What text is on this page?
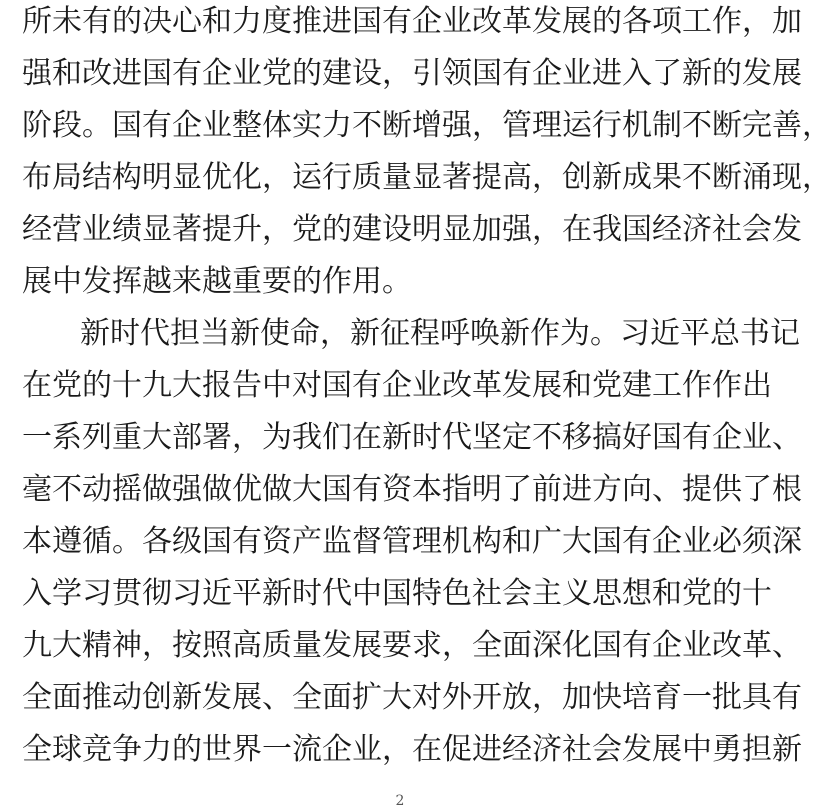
所未有的决心和力度推进国有企业改革发展的各项工作，加
强和改进国有企业党的建设，引领国有企业进入了新的发展
阶段。国有企业整体实力不断增强，管理运行机制不断完善，
布局结构明显优化，运行质量显著提高，创新成果不断涌现，
经营业绩显著提升，党的建设明显加强，在我国经济社会发
展中发挥越来越重要的作用。
新时代担当新使命，新征程呼唤新作为。习近平总书记
在党的十九大报告中对国有企业改革发展和党建工作作出
一系列重大部署，为我们在新时代坚定不移搞好国有企业、
毫不动摇做强做优做大国有资本指明了前进方向、提供了根
本遵循。各级国有资产监督管理机构和广大国有企业必须深
入学习贯彻习近平新时代中国特色社会主义思想和党的十
九大精神，按照高质量发展要求，全面深化国有企业改革、
全面推动创新发展、全面扩大对外开放，加快培育一批具有
全球竞争力的世界一流企业，在促进经济社会发展中勇担新
2
